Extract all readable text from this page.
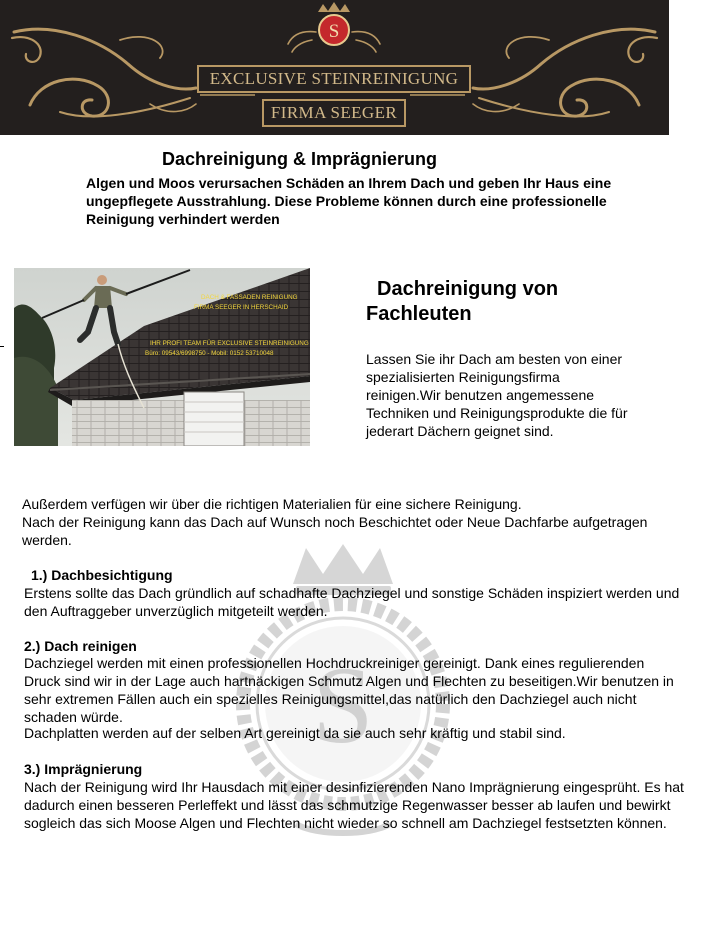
S
EXCLUSIVE STEINREINIGUNG
FIRMA SEEGER
Dachreinigung & Imprägnierung

Algen und Moos verursachen Schäden an Ihrem Dach und geben Ihr Haus eine ungepflegete Ausstrahlung. Diese Probleme können durch eine professionelle Reinigung verhindert werden

DACH & FASSADEN REINIGUNG
FIRMA SEEGER IN HERSCHAID
IHR PROFI TEAM FÜR EXCLUSIVE STEINREINIGUNG
Büro: 09543/6998750 - Mobil: 0152 53710048
Dachreinigung von
Fachleuten

Lassen Sie ihr Dach am besten von einer spezialisierten Reinigungsfirma reinigen.Wir benutzen angemessene Techniken und Reinigungsprodukte die für jederart Dächern geignet sind.

S

Außerdem verfügen wir über die richtigen Materialien für eine sichere Reinigung.

Nach der Reinigung kann das Dach auf Wunsch noch Beschichtet oder Neue Dachfarbe aufgetragen werden.

1.) Dachbesichtigung

Erstens sollte das Dach gründlich auf schadhafte Dachziegel und sonstige Schäden inspiziert werden und den Auftraggeber unverzüglich mitgeteilt werden.

2.) Dach reinigen

Dachziegel werden mit einen professionellen Hochdruckreiniger gereinigt. Dank eines regulierenden Druck sind wir in der Lage auch hartnäckigen Schmutz Algen und Flechten zu beseitigen.Wir benutzen in sehr extremen Fällen auch ein spezielles Reinigungsmittel,das natürlich den Dachziegel auch nicht schaden würde.

Dachplatten werden auf der selben Art gereinigt da sie auch sehr kräftig und stabil sind.

3.) Imprägnierung

Nach der Reinigung wird Ihr Hausdach mit einer desinfizierenden Nano Imprägnierung eingesprüht. Es hat dadurch einen besseren Perleffekt und lässt das schmutzige Regenwasser besser ab laufen und bewirkt sogleich das sich Moose Algen und Flechten nicht wieder so schnell am Dachziegel festsetzten können.
